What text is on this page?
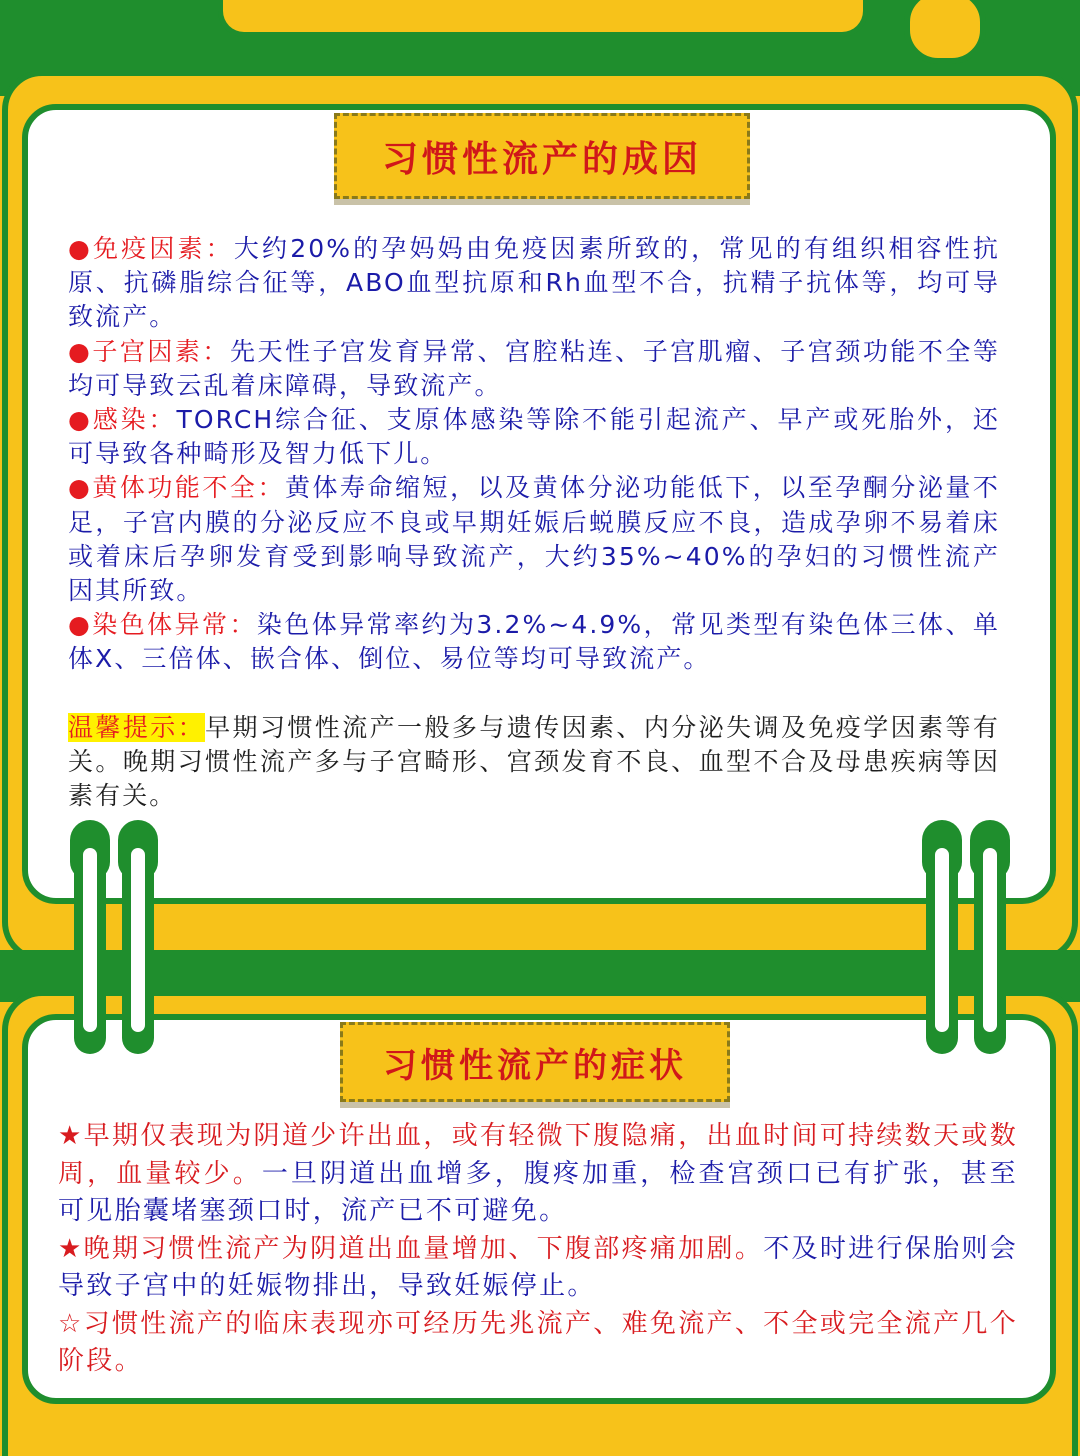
习惯性流产的成因

●免疫因素：大约20%的孕妈妈由免疫因素所致的，常见的有组织相容性抗原、抗磷脂综合征等，ABO血型抗原和Rh血型不合，抗精子抗体等，均可导致流产。

●子宫因素：先天性子宫发育异常、宫腔粘连、子宫肌瘤、子宫颈功能不全等均可导致云乱着床障碍，导致流产。

●感染：TORCH综合征、支原体感染等除不能引起流产、早产或死胎外，还可导致各种畸形及智力低下儿。

●黄体功能不全：黄体寿命缩短，以及黄体分泌功能低下，以至孕酮分泌量不足，子宫内膜的分泌反应不良或早期妊娠后蜕膜反应不良，造成孕卵不易着床或着床后孕卵发育受到影响导致流产，大约35%~40%的孕妇的习惯性流产因其所致。

●染色体异常：染色体异常率约为3.2%~4.9%，常见类型有染色体三体、单体X、三倍体、嵌合体、倒位、易位等均可导致流产。

温馨提示：早期习惯性流产一般多与遗传因素、内分泌失调及免疫学因素等有关。晚期习惯性流产多与子宫畸形、宫颈发育不良、血型不合及母患疾病等因素有关。

习惯性流产的症状

★早期仅表现为阴道少许出血，或有轻微下腹隐痛，出血时间可持续数天或数周，血量较少。一旦阴道出血增多，腹疼加重，检查宫颈口已有扩张，甚至可见胎囊堵塞颈口时，流产已不可避免。

★晚期习惯性流产为阴道出血量增加、下腹部疼痛加剧。不及时进行保胎则会导致子宫中的妊娠物排出，导致妊娠停止。

☆习惯性流产的临床表现亦可经历先兆流产、难免流产、不全或完全流产几个阶段。
